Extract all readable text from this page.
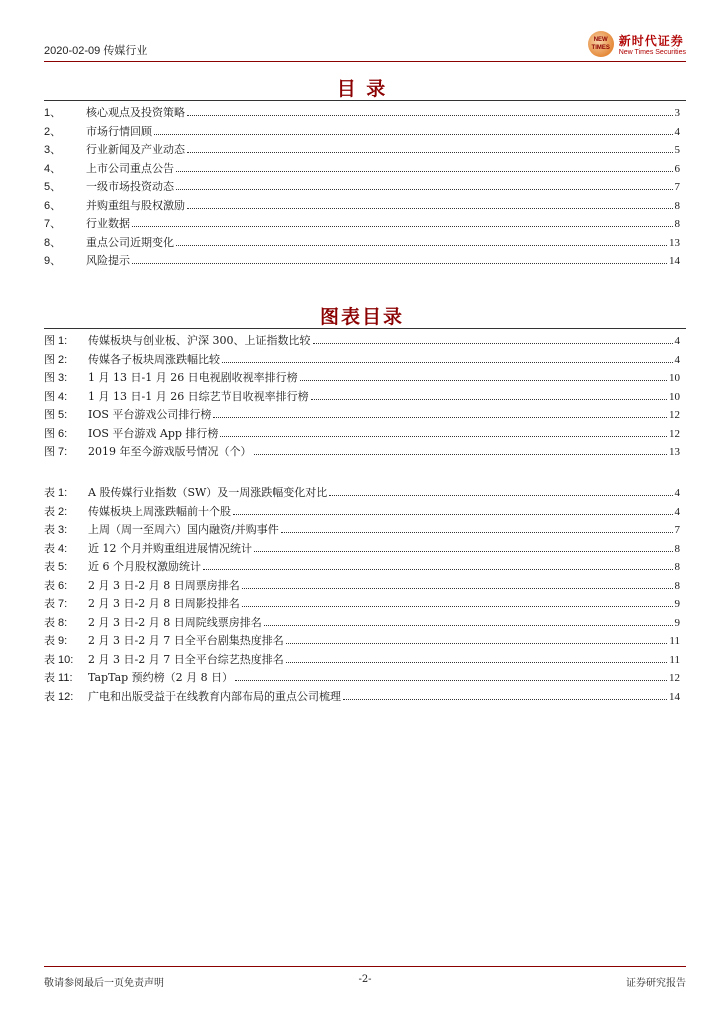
2020-02-09 传媒行业
NEW
TIMES 新时代证券
New Times Securities
目 录
1、	核心观点及投资策略	3
2、	市场行情回顾	4
3、	行业新闻及产业动态	5
4、	上市公司重点公告	6
5、	一级市场投资动态	7
6、	并购重组与股权激励	8
7、	行业数据	8
8、	重点公司近期变化	13
9、	风险提示	14
图表目录
图 1:	传媒板块与创业板、沪深 300、上证指数比较	4
图 2:	传媒各子板块周涨跌幅比较	4
图 3:	1 月 13 日-1 月 26 日电视剧收视率排行榜	10
图 4:	1 月 13 日-1 月 26 日综艺节目收视率排行榜	10
图 5:	IOS 平台游戏公司排行榜	12
图 6:	IOS 平台游戏 App 排行榜	12
图 7:	2019 年至今游戏版号情况（个）	13
表 1:	A 股传媒行业指数（SW）及一周涨跌幅变化对比	4
表 2:	传媒板块上周涨跌幅前十个股	4
表 3:	上周（周一至周六）国内融资/并购事件	7
表 4:	近 12 个月并购重组进展情况统计	8
表 5:	近 6 个月股权激励统计	8
表 6:	2 月 3 日-2 月 8 日周票房排名	8
表 7:	2 月 3 日-2 月 8 日周影投排名	9
表 8:	2 月 3 日-2 月 8 日周院线票房排名	9
表 9:	2 月 3 日-2 月 7 日全平台剧集热度排名	11
表 10:	2 月 3 日-2 月 7 日全平台综艺热度排名	11
表 11:	TapTap 预约榜（2 月 8 日）	12
表 12:	广电和出版受益于在线教育内部布局的重点公司梳理	14
敬请参阅最后一页免责声明	-2-	证券研究报告
